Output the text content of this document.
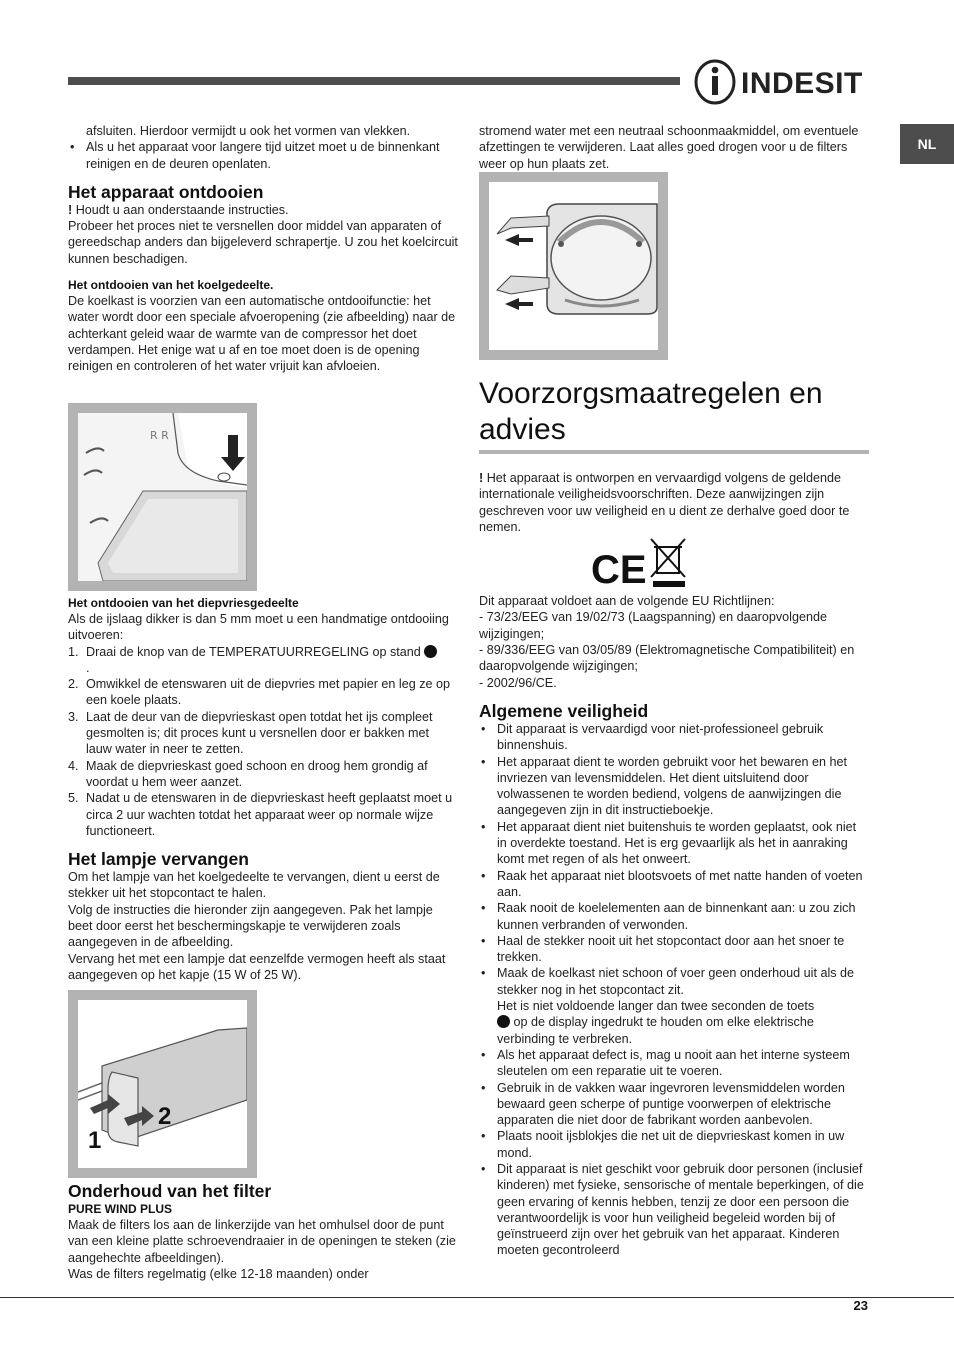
INDESIT
NL

afsluiten. Hierdoor vermijdt u ook het vormen van vlekken.

• Als u het apparaat voor langere tijd uitzet moet u de binnenkant reinigen en de deuren openlaten.

Het apparaat ontdooien

! Houdt u aan onderstaande instructies.

Probeer het proces niet te versnellen door middel van apparaten of gereedschap anders dan bijgeleverd schrapertje. U zou het koelcircuit kunnen beschadigen.

Het ontdooien van het koelgedeelte.

De koelkast is voorzien van een automatische ontdooifunctie: het water wordt door een speciale afvoeropening (zie afbeelding) naar de achterkant geleid waar de warmte van de compressor het doet verdampen. Het enige wat u af en toe moet doen is de opening reinigen en controleren of het water vrijuit kan afvloeien.

R R

Het ontdooien van het diepvriesgedeelte

Als de ijslaag dikker is dan 5 mm moet u een handmatige ontdooiing uitvoeren:

1. Draai de knop van de TEMPERATUURREGELING op stand
.

2. Omwikkel de etenswaren uit de diepvries met papier en leg ze op een koele plaats.

3. Laat de deur van de diepvrieskast open totdat het ijs compleet gesmolten is; dit proces kunt u versnellen door er bakken met lauw water in neer te zetten.

4. Maak de diepvrieskast goed schoon en droog hem grondig af voordat u hem weer aanzet.

5. Nadat u de etenswaren in de diepvrieskast heeft geplaatst moet u circa 2 uur wachten totdat het apparaat weer op normale wijze functioneert.

Het lampje vervangen

Om het lampje van het koelgedeelte te vervangen, dient u eerst de stekker uit het stopcontact te halen.

Volg de instructies die hieronder zijn aangegeven. Pak het lampje beet door eerst het beschermingskapje te verwijderen zoals aangegeven in de afbeelding.

Vervang het met een lampje dat eenzelfde vermogen heeft als staat aangegeven op het kapje (15 W of 25 W).

1
2

Onderhoud van het filter

PURE WIND PLUS

Maak de filters los aan de linkerzijde van het omhulsel door de punt van een kleine platte schroevendraaier in de openingen te steken (zie aangehechte afbeeldingen).

Was de filters regelmatig (elke 12-18 maanden) onder

stromend water met een neutraal schoonmaakmiddel, om eventuele afzettingen te verwijderen. Laat alles goed drogen voor u de filters weer op hun plaats zet.

Voorzorgsmaatregelen en advies

! Het apparaat is ontworpen en vervaardigd volgens de geldende internationale veiligheidsvoorschriften. Deze aanwijzingen zijn geschreven voor uw veiligheid en u dient ze derhalve goed door te nemen.

CE

Dit apparaat voldoet aan de volgende EU Richtlijnen:

- 73/23/EEG van 19/02/73 (Laagspanning) en daaropvolgende wijzigingen;

- 89/336/EEG van 03/05/89 (Elektromagnetische Compatibiliteit) en daaropvolgende wijzigingen;

- 2002/96/CE.

Algemene veiligheid

• Dit apparaat is vervaardigd voor niet-professioneel gebruik binnenshuis.

• Het apparaat dient te worden gebruikt voor het bewaren en het invriezen van levensmiddelen. Het dient uitsluitend door volwassenen te worden bediend, volgens de aanwijzingen die aangegeven zijn in dit instructieboekje.

• Het apparaat dient niet buitenshuis te worden geplaatst, ook niet in overdekte toestand. Het is erg gevaarlijk als het in aanraking komt met regen of als het onweert.

• Raak het apparaat niet blootsvoets of met natte handen of voeten aan.

• Raak nooit de koelelementen aan de binnenkant aan: u zou zich kunnen verbranden of verwonden.

• Haal de stekker nooit uit het stopcontact door aan het snoer te trekken.

• Maak de koelkast niet schoon of voer geen onderhoud uit als de stekker nog in het stopcontact zit.
Het is niet voldoende langer dan twee seconden de toets
op de display ingedrukt te houden om elke elektrische verbinding te verbreken.

• Als het apparaat defect is, mag u nooit aan het interne systeem sleutelen om een reparatie uit te voeren.

• Gebruik in de vakken waar ingevroren levensmiddelen worden bewaard geen scherpe of puntige voorwerpen of elektrische apparaten die niet door de fabrikant worden aanbevolen.

• Plaats nooit ijsblokjes die net uit de diepvrieskast komen in uw mond.

• Dit apparaat is niet geschikt voor gebruik door personen (inclusief kinderen) met fysieke, sensorische of mentale beperkingen, of die geen ervaring of kennis hebben, tenzij ze door een persoon die verantwoordelijk is voor hun veiligheid begeleid worden bij of geïnstrueerd zijn over het gebruik van het apparaat. Kinderen moeten gecontroleerd

23
